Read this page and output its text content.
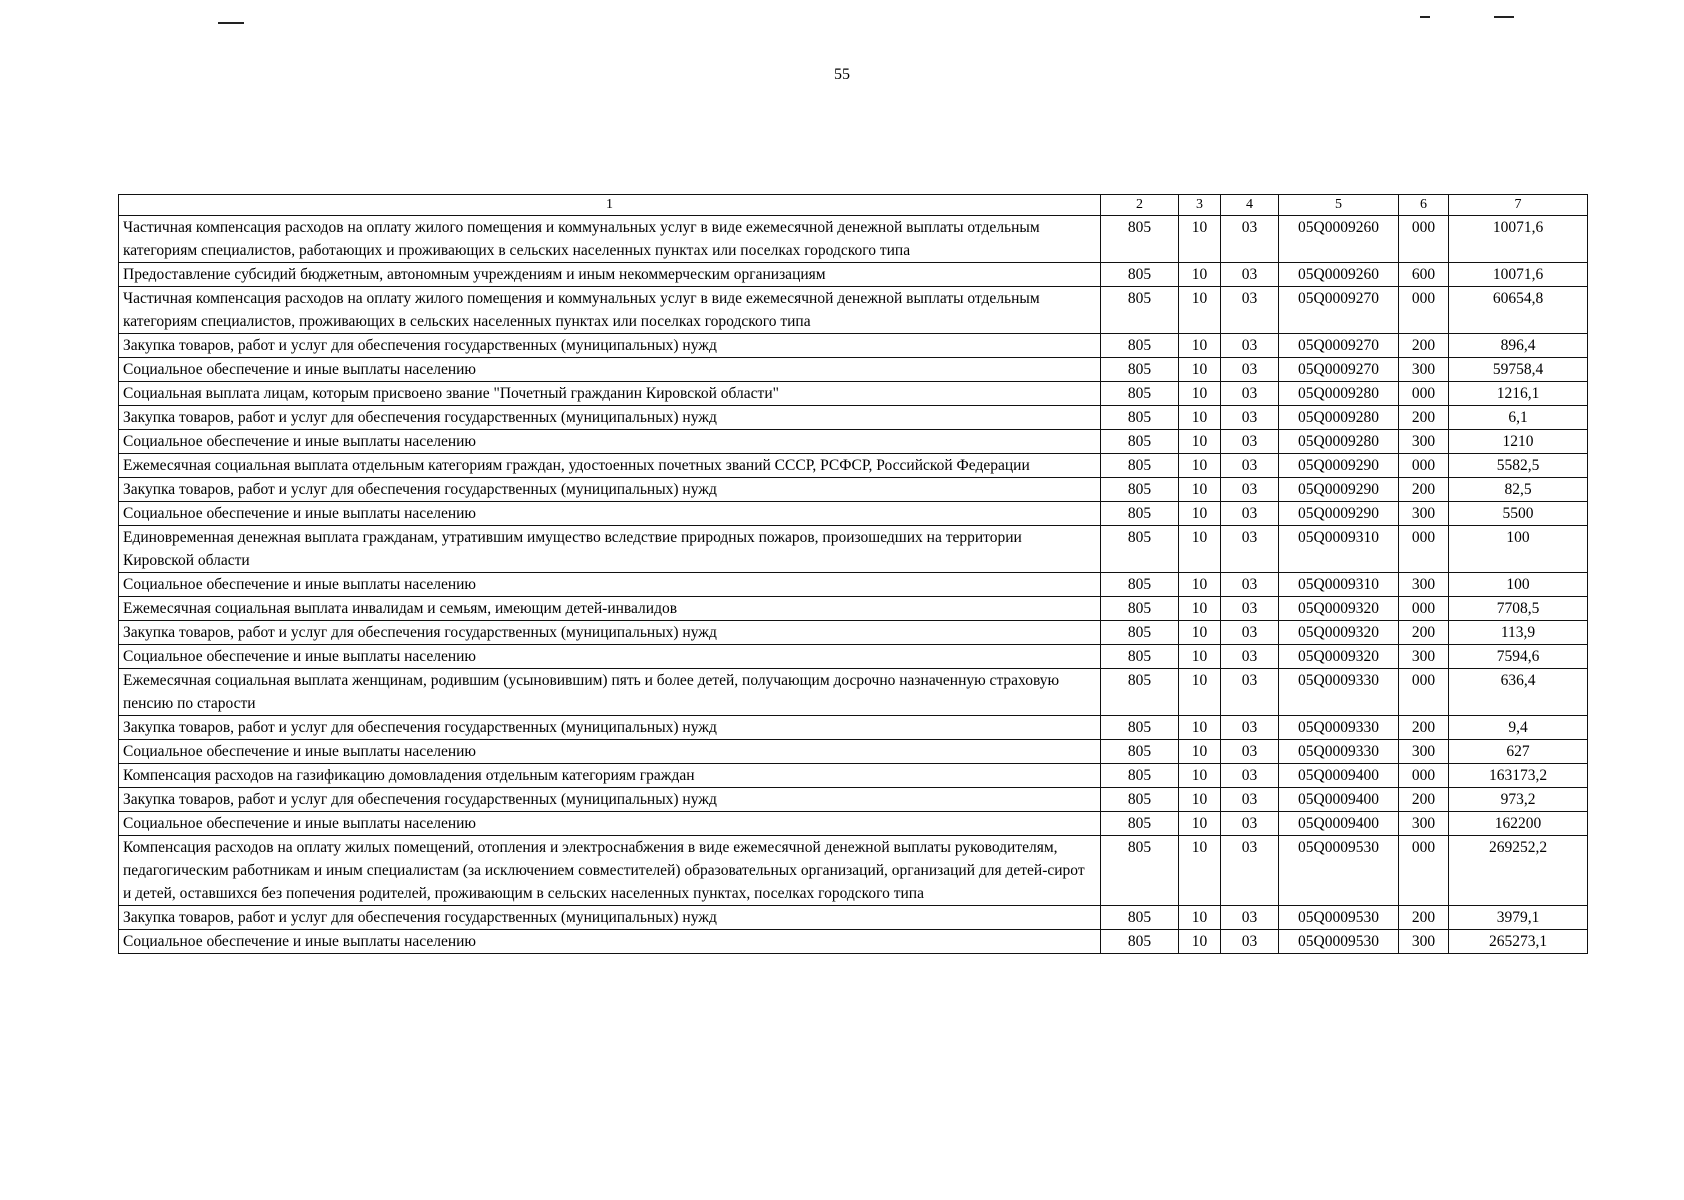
55
1	2	3	4	5	6	7
Частичная компенсация расходов на оплату жилого помещения и коммунальных услуг в виде ежемесячной денежной выплаты отдельным категориям специалистов, работающих и проживающих в сельских населенных пунктах или поселках городского типа	805	10	03	05Q0009260	000	10071,6
Предоставление субсидий бюджетным, автономным учреждениям и иным некоммерческим организациям	805	10	03	05Q0009260	600	10071,6
Частичная компенсация расходов на оплату жилого помещения и коммунальных услуг в виде ежемесячной денежной выплаты отдельным категориям специалистов, проживающих в сельских населенных пунктах или поселках городского типа	805	10	03	05Q0009270	000	60654,8
Закупка товаров, работ и услуг для обеспечения государственных (муниципальных) нужд	805	10	03	05Q0009270	200	896,4
Социальное обеспечение и иные выплаты населению	805	10	03	05Q0009270	300	59758,4
Социальная выплата лицам, которым присвоено звание "Почетный гражданин Кировской области"	805	10	03	05Q0009280	000	1216,1
Закупка товаров, работ и услуг для обеспечения государственных (муниципальных) нужд	805	10	03	05Q0009280	200	6,1
Социальное обеспечение и иные выплаты населению	805	10	03	05Q0009280	300	1210
Ежемесячная социальная выплата отдельным категориям граждан, удостоенных почетных званий СССР, РСФСР, Российской Федерации	805	10	03	05Q0009290	000	5582,5
Закупка товаров, работ и услуг для обеспечения государственных (муниципальных) нужд	805	10	03	05Q0009290	200	82,5
Социальное обеспечение и иные выплаты населению	805	10	03	05Q0009290	300	5500
Единовременная денежная выплата гражданам, утратившим имущество вследствие природных пожаров, произошедших на территории Кировской области	805	10	03	05Q0009310	000	100
Социальное обеспечение и иные выплаты населению	805	10	03	05Q0009310	300	100
Ежемесячная социальная выплата инвалидам и семьям, имеющим детей-инвалидов	805	10	03	05Q0009320	000	7708,5
Закупка товаров, работ и услуг для обеспечения государственных (муниципальных) нужд	805	10	03	05Q0009320	200	113,9
Социальное обеспечение и иные выплаты населению	805	10	03	05Q0009320	300	7594,6
Ежемесячная социальная выплата женщинам, родившим (усыновившим) пять и более детей, получающим досрочно назначенную страховую пенсию по старости	805	10	03	05Q0009330	000	636,4
Закупка товаров, работ и услуг для обеспечения государственных (муниципальных) нужд	805	10	03	05Q0009330	200	9,4
Социальное обеспечение и иные выплаты населению	805	10	03	05Q0009330	300	627
Компенсация расходов на газификацию домовладения отдельным категориям граждан	805	10	03	05Q0009400	000	163173,2
Закупка товаров, работ и услуг для обеспечения государственных (муниципальных) нужд	805	10	03	05Q0009400	200	973,2
Социальное обеспечение и иные выплаты населению	805	10	03	05Q0009400	300	162200
Компенсация расходов на оплату жилых помещений, отопления и электроснабжения в виде ежемесячной денежной выплаты руководителям, педагогическим работникам и иным специалистам (за исключением совместителей) образовательных организаций, организаций для детей-сирот и детей, оставшихся без попечения родителей, проживающим в сельских населенных пунктах, поселках городского типа	805	10	03	05Q0009530	000	269252,2
Закупка товаров, работ и услуг для обеспечения государственных (муниципальных) нужд	805	10	03	05Q0009530	200	3979,1
Социальное обеспечение и иные выплаты населению	805	10	03	05Q0009530	300	265273,1
